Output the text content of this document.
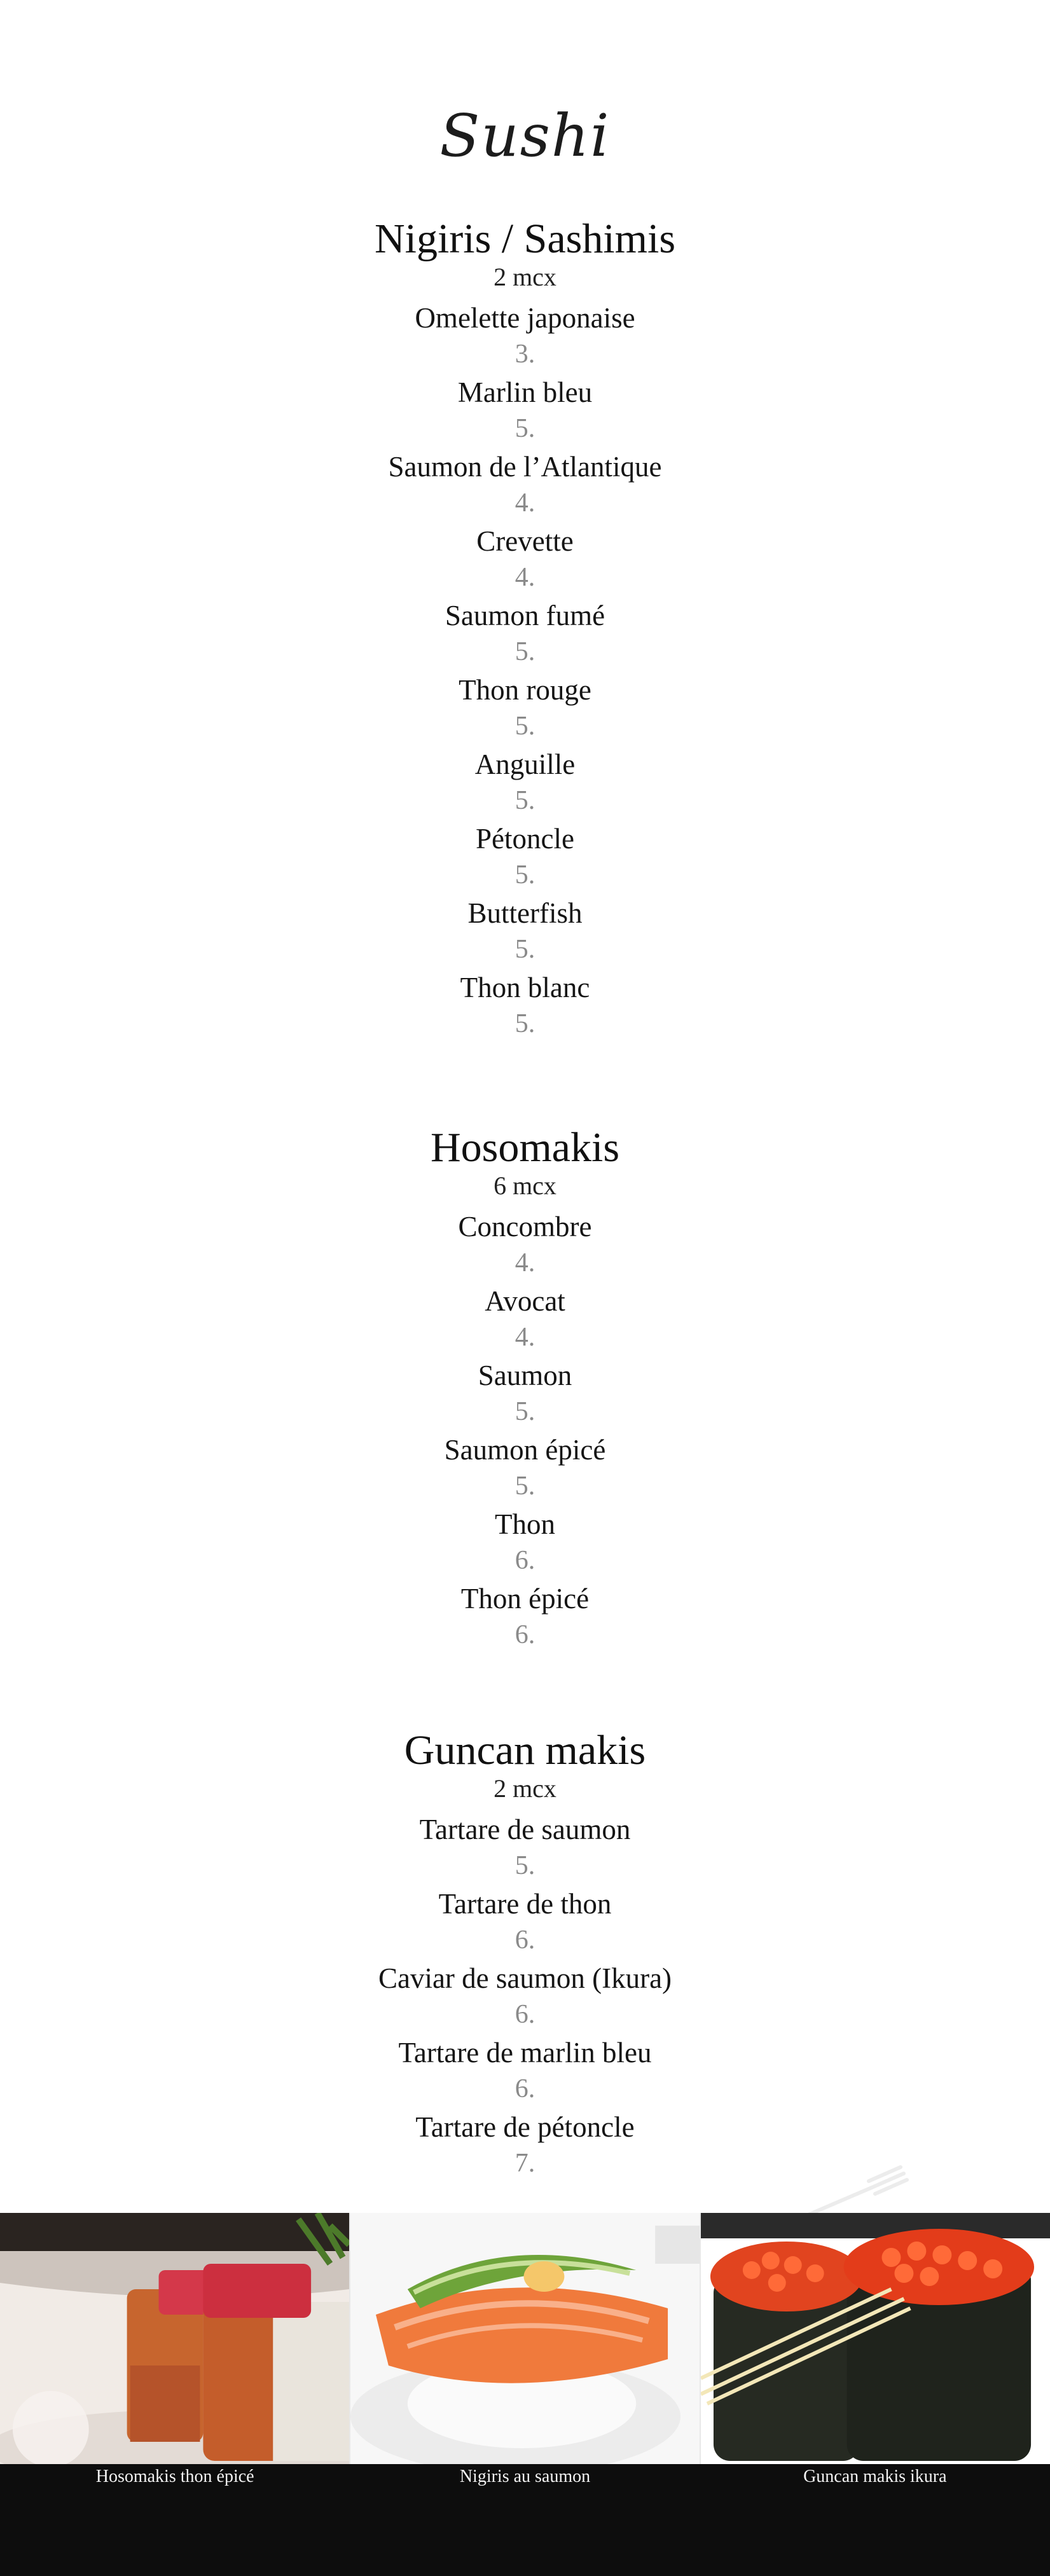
Sushi
Nigiris / Sashimis
2 mcx
Omelette japonaise
3.
Marlin bleu
5.
Saumon de l’Atlantique
4.
Crevette
4.
Saumon fumé
5.
Thon rouge
5.
Anguille
5.
Pétoncle
5.
Butterfish
5.
Thon blanc
5.
Hosomakis
6 mcx
Concombre
4.
Avocat
4.
Saumon
5.
Saumon épicé
5.
Thon
6.
Thon épicé
6.
Guncan makis
2 mcx
Tartare de saumon
5.
Tartare de thon
6.
Caviar de saumon (Ikura)
6.
Tartare de marlin bleu
6.
Tartare de pétoncle
7.
Hosomakis thon épicé	Nigiris au saumon	Guncan makis ikura
